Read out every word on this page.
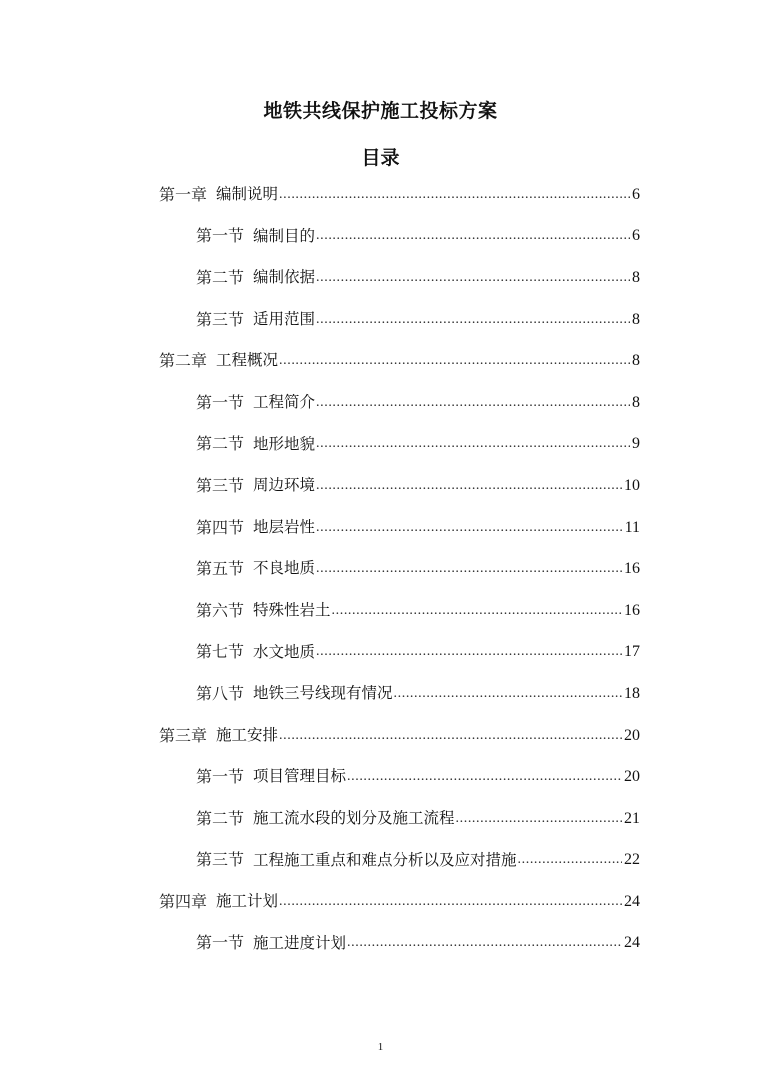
地铁共线保护施工投标方案
目录
第一章 编制说明 .....	6
第一节 编制目的 .....	6
第二节 编制依据 .....	8
第三节 适用范围 .....	8
第二章 工程概况 .....	8
第一节 工程简介 .....	8
第二节 地形地貌 .....	9
第三节 周边环境 .....	10
第四节 地层岩性 .....	11
第五节 不良地质 .....	16
第六节 特殊性岩土 .....	16
第七节 水文地质 .....	17
第八节 地铁三号线现有情况 .....	18
第三章 施工安排 .....	20
第一节 项目管理目标 .....	20
第二节 施工流水段的划分及施工流程 .....	21
第三节 工程施工重点和难点分析以及应对措施 .....	22
第四章 施工计划 .....	24
第一节 施工进度计划 .....	24
1
